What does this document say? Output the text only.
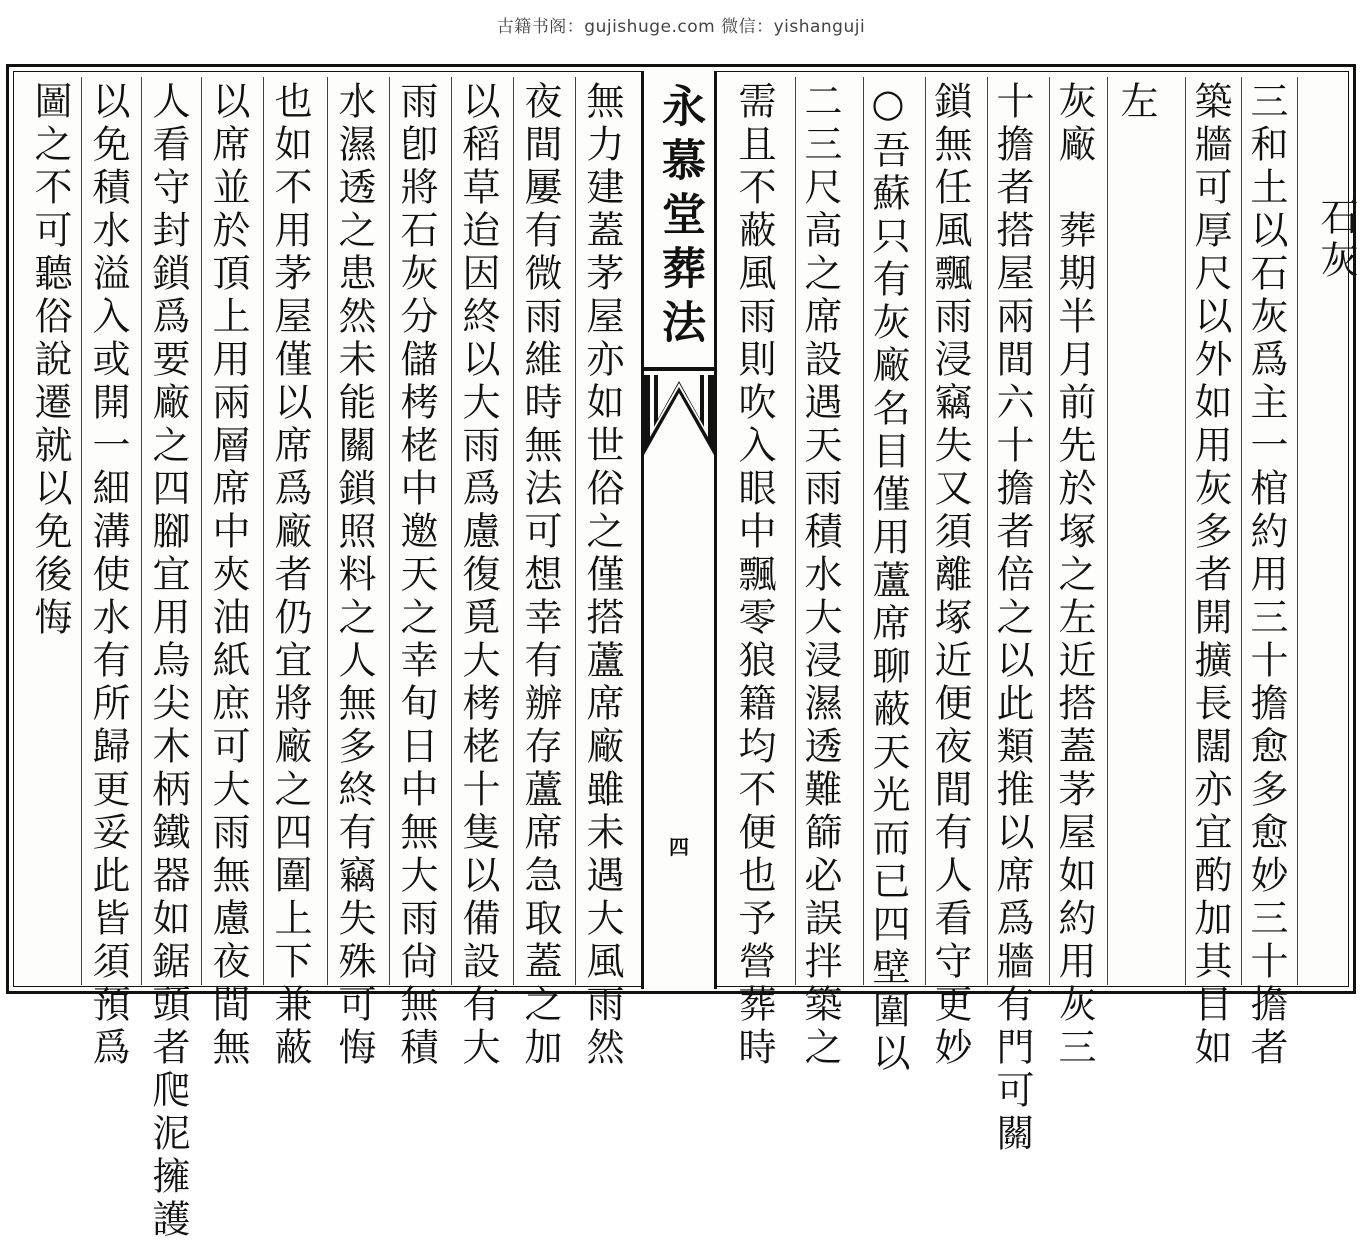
古籍书阁：gujishuge.com 微信：yishanguji
石灰
三和土以石灰爲主一棺約用三十擔愈多愈妙三十擔者
築牆可厚尺以外如用灰多者開擴長闊亦宜酌加其目如
左
灰廠　葬期半月前先於塚之左近搭蓋茅屋如約用灰三
十擔者搭屋兩間六十擔者倍之以此類推以席爲牆有門可關
鎖無任風飄雨浸竊失又須離塚近便夜間有人看守更妙
○吾蘇只有灰廠名目僅用蘆席聊蔽天光而已四壁圍以
二三尺高之席設遇天雨積水大浸濕透難篩必誤拌築之
需且不蔽風雨則吹入眼中飄零狼籍均不便也予營葬時
永慕堂葬法
四
無力建蓋茅屋亦如世俗之僅搭蘆席廠雖未遇大風雨然
夜間屢有微雨維時無法可想幸有辦存蘆席急取蓋之加
以稻草迨因終以大雨爲慮復覓大栲栳十隻以備設有大
雨卽將石灰分儲栲栳中邀天之幸旬日中無大雨尙無積
水濕透之患然未能關鎖照料之人無多終有竊失殊可悔
也如不用茅屋僅以席爲廠者仍宜將廠之四圍上下兼蔽
以席並於頂上用兩層席中夾油紙庶可大雨無慮夜間無
人看守封鎖爲要廠之四腳宜用烏尖木柄鐵器如鋸頭者爬泥擁護
以免積水溢入或開一細溝使水有所歸更妥此皆須預爲
圖之不可聽俗說遷就以免後悔
